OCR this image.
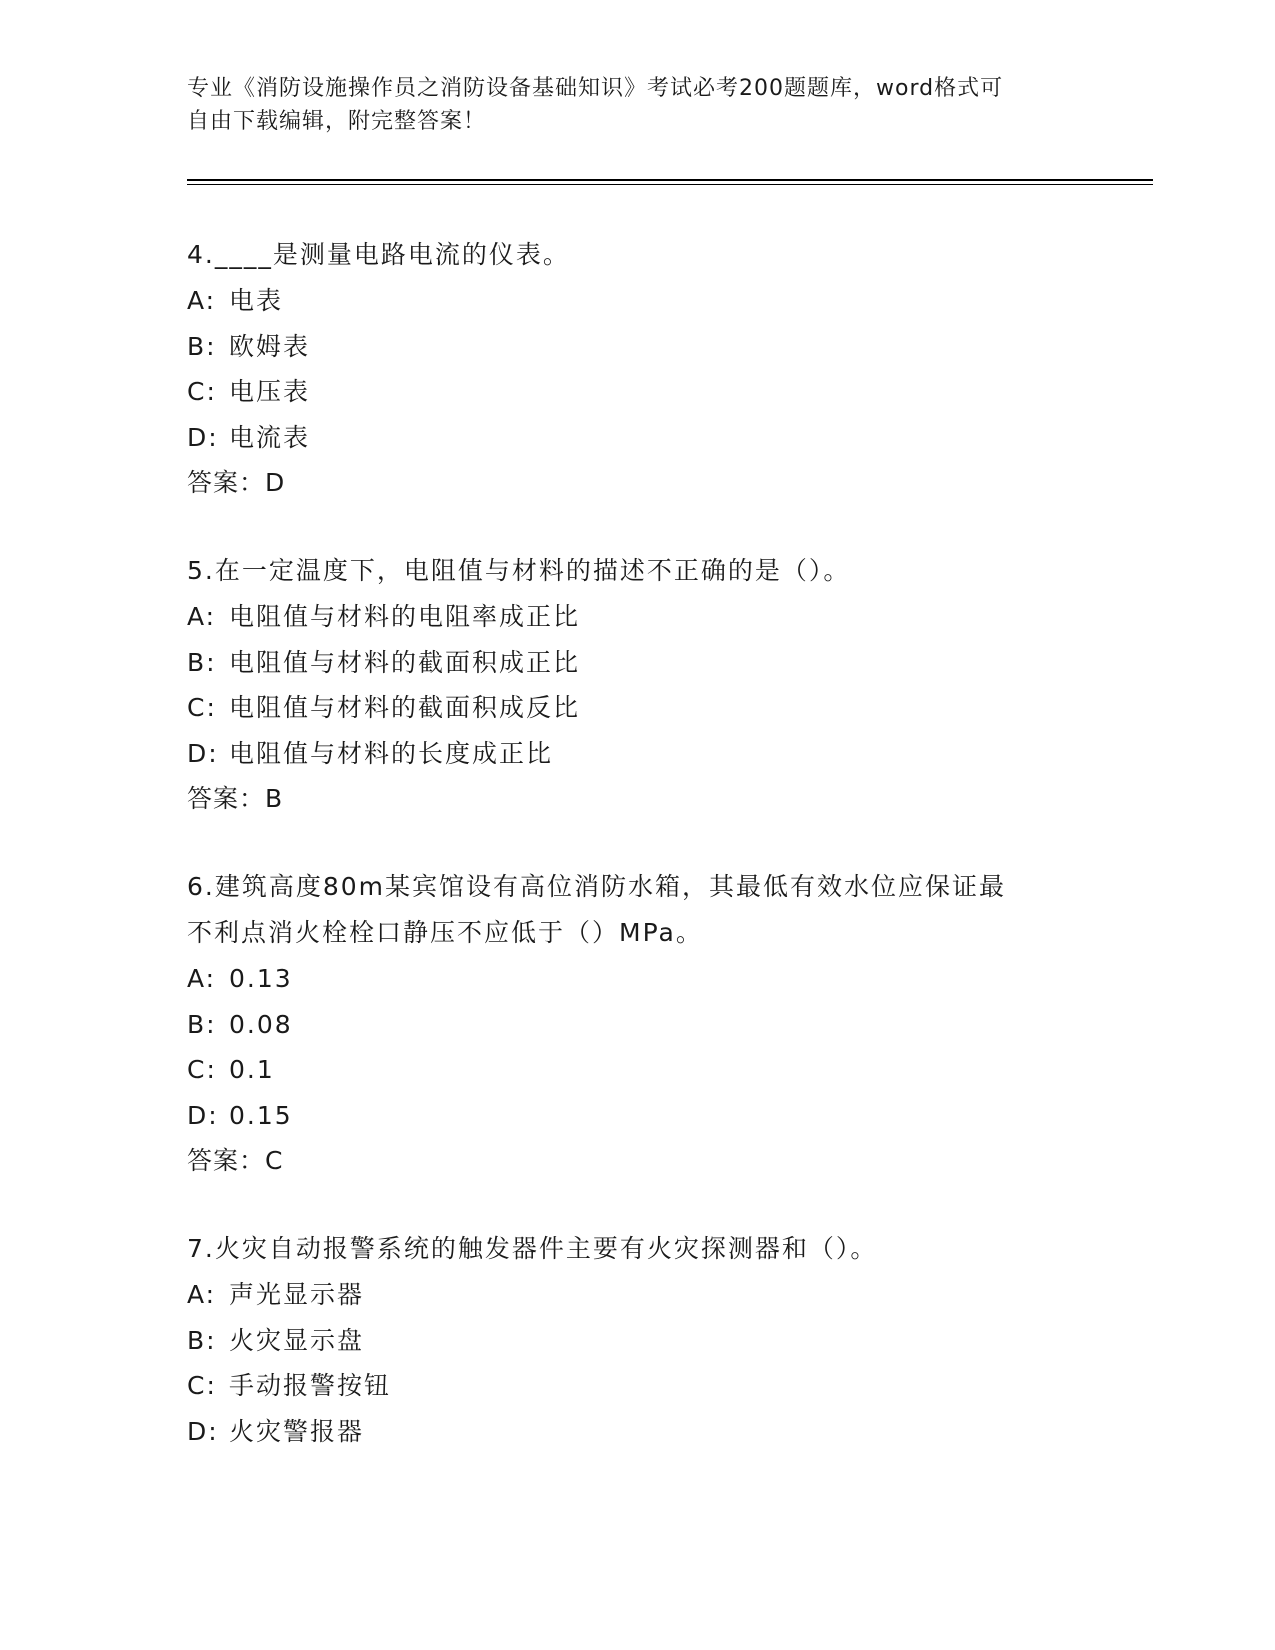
专业《消防设施操作员之消防设备基础知识》考试必考200题题库，word格式可
自由下载编辑，附完整答案！
4.____是测量电路电流的仪表。
A: 电表
B: 欧姆表
C: 电压表
D: 电流表
答案：D
5.在一定温度下，电阻值与材料的描述不正确的是（）。
A: 电阻值与材料的电阻率成正比
B: 电阻值与材料的截面积成正比
C: 电阻值与材料的截面积成反比
D: 电阻值与材料的长度成正比
答案：B
6.建筑高度80m某宾馆设有高位消防水箱，其最低有效水位应保证最
不利点消火栓栓口静压不应低于（）MPa。
A: 0.13
B: 0.08
C: 0.1
D: 0.15
答案：C
7.火灾自动报警系统的触发器件主要有火灾探测器和（）。
A: 声光显示器
B: 火灾显示盘
C: 手动报警按钮
D: 火灾警报器
